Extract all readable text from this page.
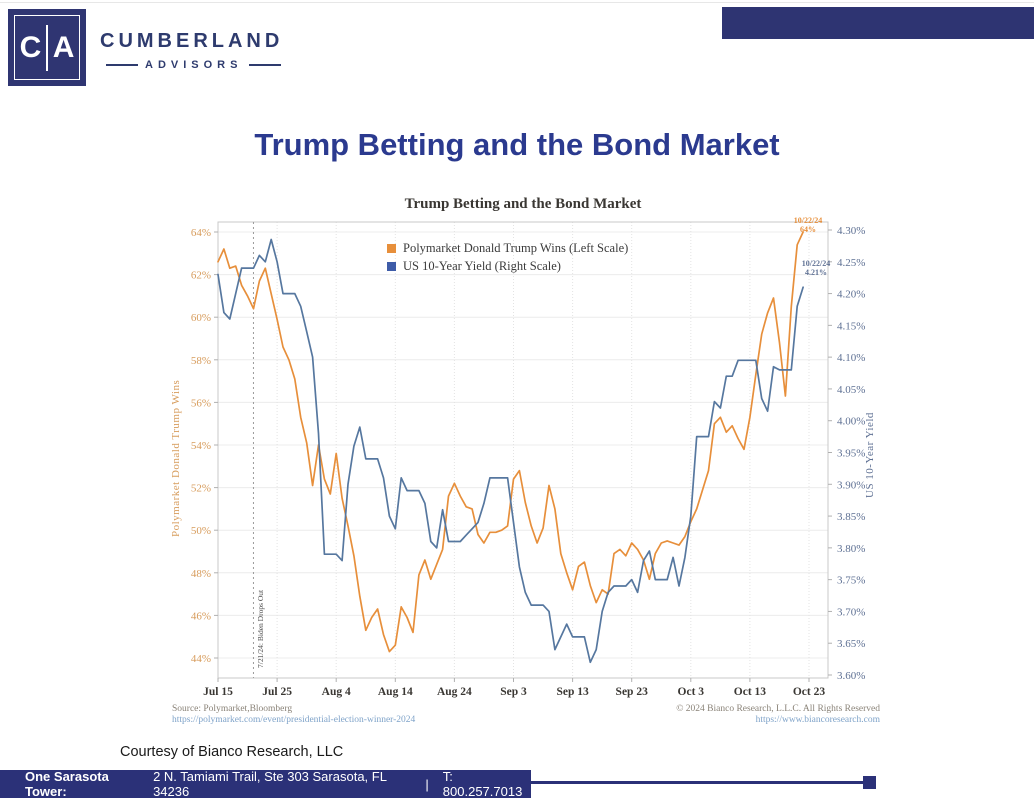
C A CUMBERLAND
ADVISORS
Trump Betting and the Bond Market
44%
46%
48%
50%
52%
54%
56%
58%
60%
62%
64%
3.60%
3.65%
3.70%
3.75%
3.80%
3.85%
3.90%
3.95%
4.00%
4.05%
4.10%
4.15%
4.20%
4.25%
4.30%
Jul 15	Jul 25	Aug 4 Aug 14 Aug 24 Sep 3	Sep 13 Sep 23	Oct 3	Oct 13 Oct 23
Trump Betting and the Bond Market
Polymarket Donald Trump Wins (Left Scale)
US 10-Year Yield (Right Scale)
Polymarket Donald Trump Wins	US 10-Year Yield
7/21/24: Biden Drops Out
10/22/24
64%
10/22/24
4.21%
Source: Polymarket,Bloomberg
https://polymarket.com/event/presidential-election-winner-2024
© 2024 Bianco Research, L.L.C. All Rights Reserved
https://www.biancoresearch.com
Courtesy of Bianco Research, LLC
One Sarasota Tower:
2 N. Tamiami Trail, Ste 303 Sarasota, FL 34236	| T: 800.257.7013
